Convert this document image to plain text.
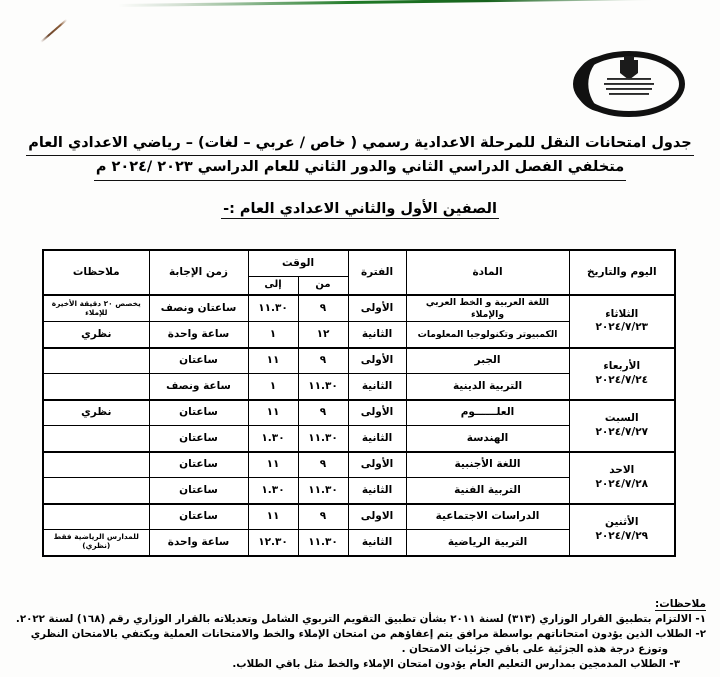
جدول امتحانات النقل للمرحلة الاعدادية رسمي ( خاص / عربي – لغات) – رياضي الاعدادي العام
متخلفي الفصل الدراسي الثاني والدور الثاني للعام الدراسي ٢٠٢٣ /٢٠٢٤ م
الصفين الأول والثاني الاعدادي العام :-
اليوم والتاريخ	المادة	الفترة	الوقت		زمن الإجابة	ملاحظات
			من	إلى		
الثلاثاء
٢٠٢٤/٧/٢٣	اللغة العربية و الخط العربي والإملاء	الأولى	٩	١١.٣٠	ساعتان ونصف	يخصص ٢٠ دقيقة الأخيرة للإملاء
	الكمبيوتر وتكنولوجيا المعلومات	الثانية	١٢	١	ساعة واحدة	نظري
الأربعاء
٢٠٢٤/٧/٢٤	الجبر	الأولى	٩	١١	ساعتان	
	التربية الدينية	الثانية	١١.٣٠	١	ساعة ونصف	
السبت
٢٠٢٤/٧/٢٧	العلــــــوم	الأولى	٩	١١	ساعتان	نظري
	الهندسة	الثانية	١١.٣٠	١.٣٠	ساعتان	
الاحد
٢٠٢٤/٧/٢٨	اللغة الأجنبية	الأولى	٩	١١	ساعتان	
	التربية الفنية	الثانية	١١.٣٠	١.٣٠	ساعتان	
الأثنين
٢٠٢٤/٧/٢٩	الدراسات الاجتماعية	الاولى	٩	١١	ساعتان	
	التربية الرياضية	الثانية	١١.٣٠	١٢.٣٠	ساعة واحدة	للمدارس الرياضية فقط (نظري)
ملاحظات:
١- الالتزام بتطبيق القرار الوزاري (٣١٣) لسنة ٢٠١١ بشأن تطبيق التقويم التربوي الشامل وتعديلاته بالقرار الوزاري رقم (١٦٨) لسنة ٢٠٢٢.
٢- الطلاب الذين يؤدون امتحاناتهم بواسطة مرافق يتم إعفاؤهم من امتحان الإملاء والخط والامتحانات العملية ويكتفي بالامتحان النظري
وتوزع درجة هذه الجزئية على باقي جزئيات الامتحان .
٣- الطلاب المدمجين بمدارس التعليم العام يؤدون امتحان الإملاء والخط مثل باقي الطلاب.
